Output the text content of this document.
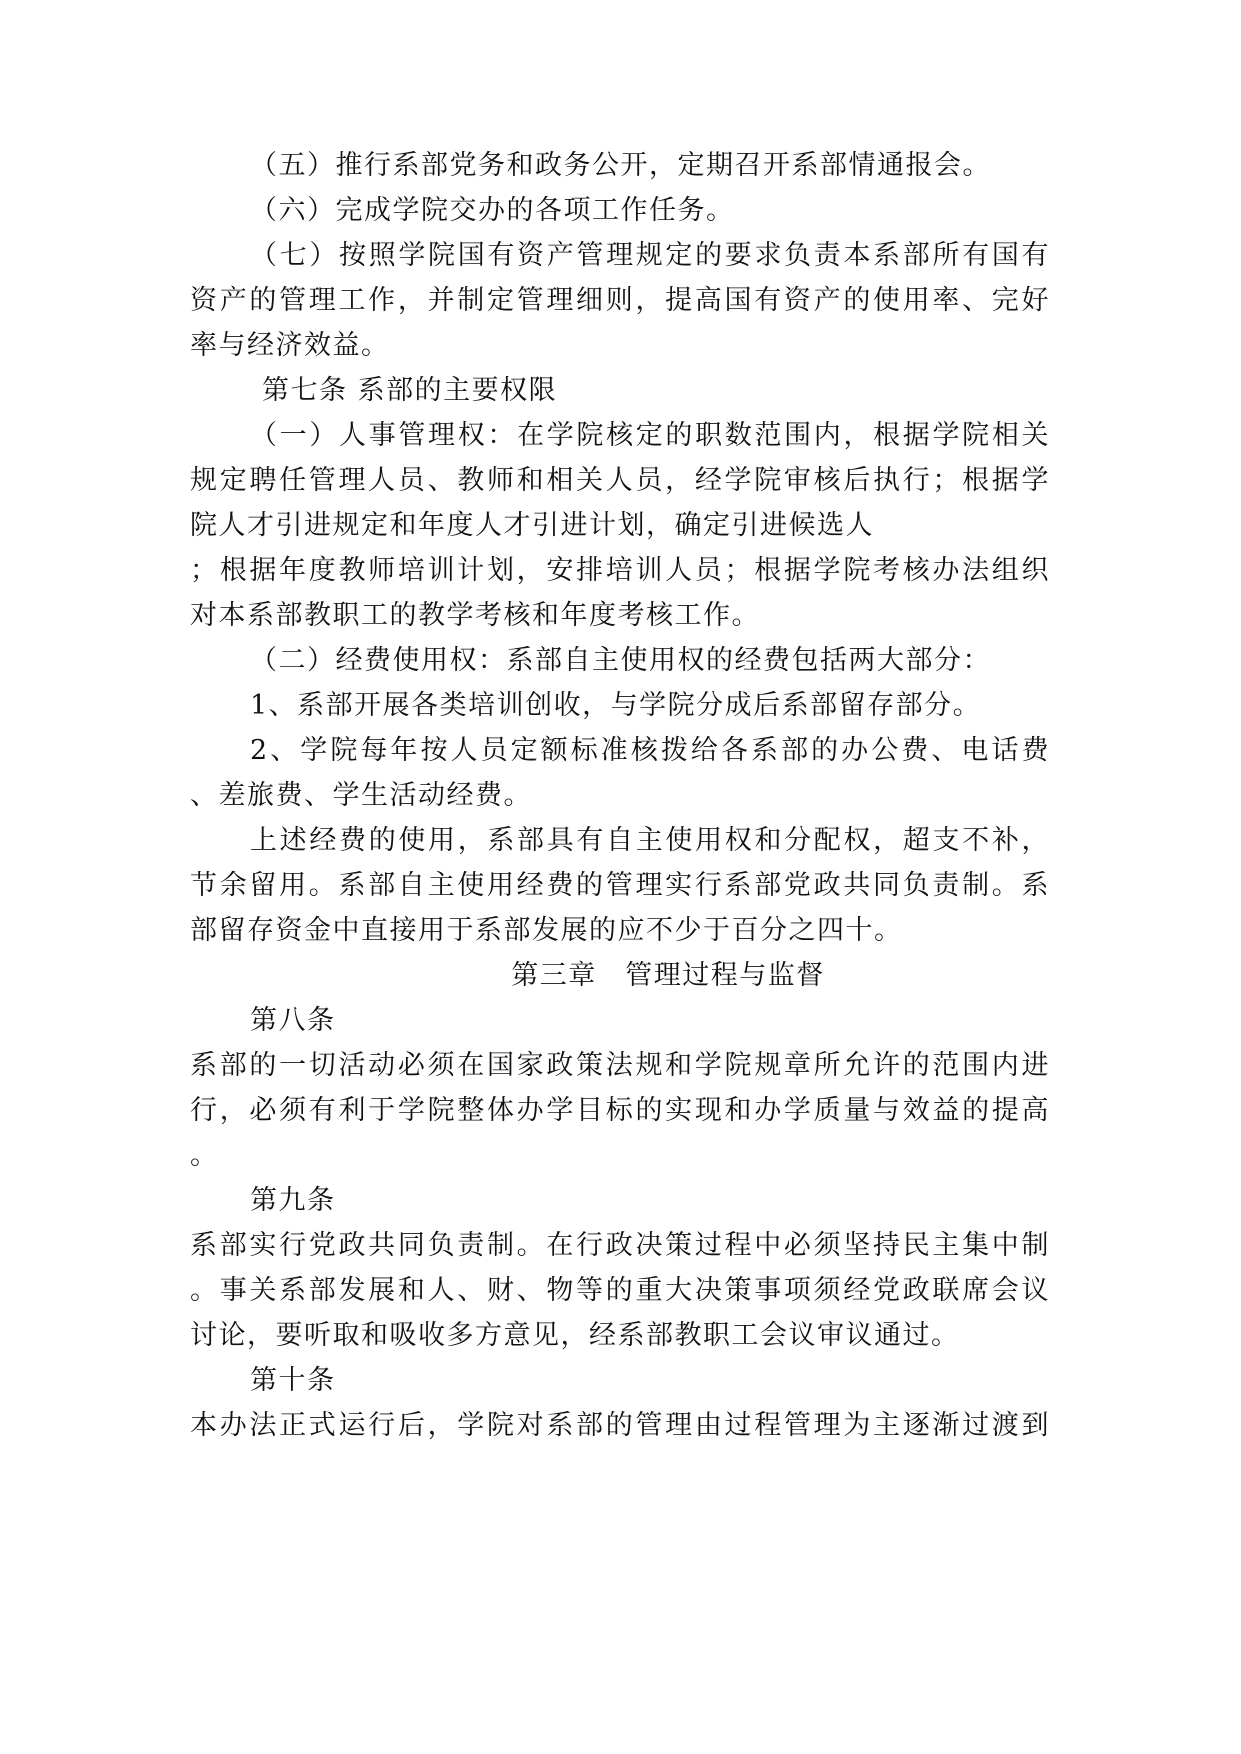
（五）推行系部党务和政务公开，定期召开系部情通报会。
（六）完成学院交办的各项工作任务。
（七）按照学院国有资产管理规定的要求负责本系部所有国有
资产的管理工作，并制定管理细则，提高国有资产的使用率、完好
率与经济效益。
第七条 系部的主要权限
（一）人事管理权：在学院核定的职数范围内，根据学院相关
规定聘任管理人员、教师和相关人员，经学院审核后执行；根据学
院人才引进规定和年度人才引进计划，确定引进候选人
；根据年度教师培训计划，安排培训人员；根据学院考核办法组织
对本系部教职工的教学考核和年度考核工作。
（二）经费使用权：系部自主使用权的经费包括两大部分：
1、系部开展各类培训创收，与学院分成后系部留存部分。
2、学院每年按人员定额标准核拨给各系部的办公费、电话费
、差旅费、学生活动经费。
上述经费的使用，系部具有自主使用权和分配权，超支不补，
节余留用。系部自主使用经费的管理实行系部党政共同负责制。系
部留存资金中直接用于系部发展的应不少于百分之四十。
第三章　管理过程与监督
第八条
系部的一切活动必须在国家政策法规和学院规章所允许的范围内进
行，必须有利于学院整体办学目标的实现和办学质量与效益的提高
。
第九条
系部实行党政共同负责制。在行政决策过程中必须坚持民主集中制
。事关系部发展和人、财、物等的重大决策事项须经党政联席会议
讨论，要听取和吸收多方意见，经系部教职工会议审议通过。
第十条
本办法正式运行后，学院对系部的管理由过程管理为主逐渐过渡到
